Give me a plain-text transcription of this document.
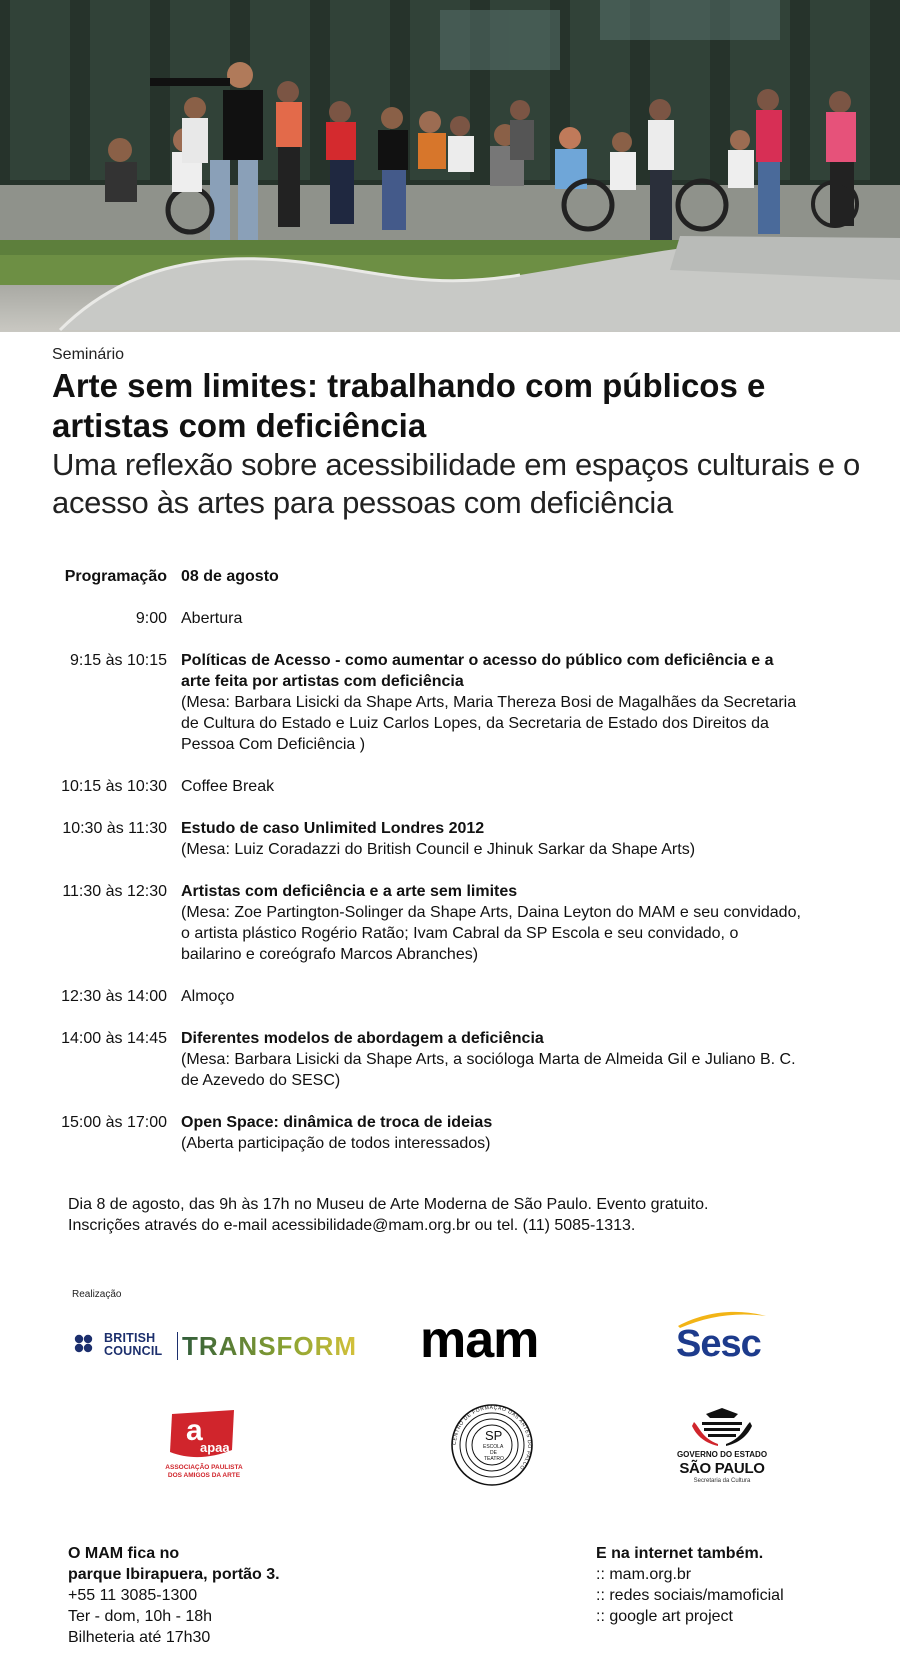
Seminário
Arte sem limites: trabalhando com públicos e artistas com deficiência
Uma reflexão sobre acessibilidade em espaços culturais e o acesso às artes para pessoas com deficiência
Programação 08 de agosto
9:00 Abertura
9:15 às 10:15 Políticas de Acesso - como aumentar o acesso do público com deficiência e a arte feita por artistas com deficiência
(Mesa: Barbara Lisicki da Shape Arts, Maria Thereza Bosi de Magalhães da Secretaria de Cultura do Estado e Luiz Carlos Lopes, da Secretaria de Estado dos Direitos da Pessoa Com Deficiência )
10:15 às 10:30 Coffee Break
10:30 às 11:30 Estudo de caso Unlimited Londres 2012
(Mesa: Luiz Coradazzi do British Council e Jhinuk Sarkar da Shape Arts)
11:30 às 12:30 Artistas com deficiência e a arte sem limites
(Mesa: Zoe Partington-Solinger da Shape Arts, Daina Leyton do MAM e seu convidado, o artista plástico Rogério Ratão; Ivam Cabral da SP Escola e seu convidado, o bailarino e coreógrafo Marcos Abranches)
12:30 às 14:00 Almoço
14:00 às 14:45 Diferentes modelos de abordagem a deficiência
(Mesa: Barbara Lisicki da Shape Arts, a socióloga Marta de Almeida Gil e Juliano B. C. de Azevedo do SESC)
15:00 às 17:00 Open Space: dinâmica de troca de ideias
(Aberta participação de todos interessados)
Dia 8 de agosto, das 9h às 17h no Museu de Arte Moderna de São Paulo. Evento gratuito.
Inscrições através do e-mail acessibilidade@mam.org.br ou tel. (11) 5085-1313.
Realização
BRITISH
COUNCIL TRANSFORM mam	Sesc
a
apaa
ASSOCIAÇÃO PAULISTA
DOS AMIGOS DA ARTE
CENTRO DE FORMAÇÃO DAS ARTES DO PALCO
SP
ESCOLA
DE
TEATRO	GOVERNO DO ESTADO
SÃO PAULO
Secretaria da Cultura
O MAM fica no
parque Ibirapuera, portão 3.
+55 11 3085-1300
Ter - dom, 10h - 18h
Bilheteria até 17h30
E na internet também.
:: mam.org.br
:: redes sociais/mamoficial
:: google art project
